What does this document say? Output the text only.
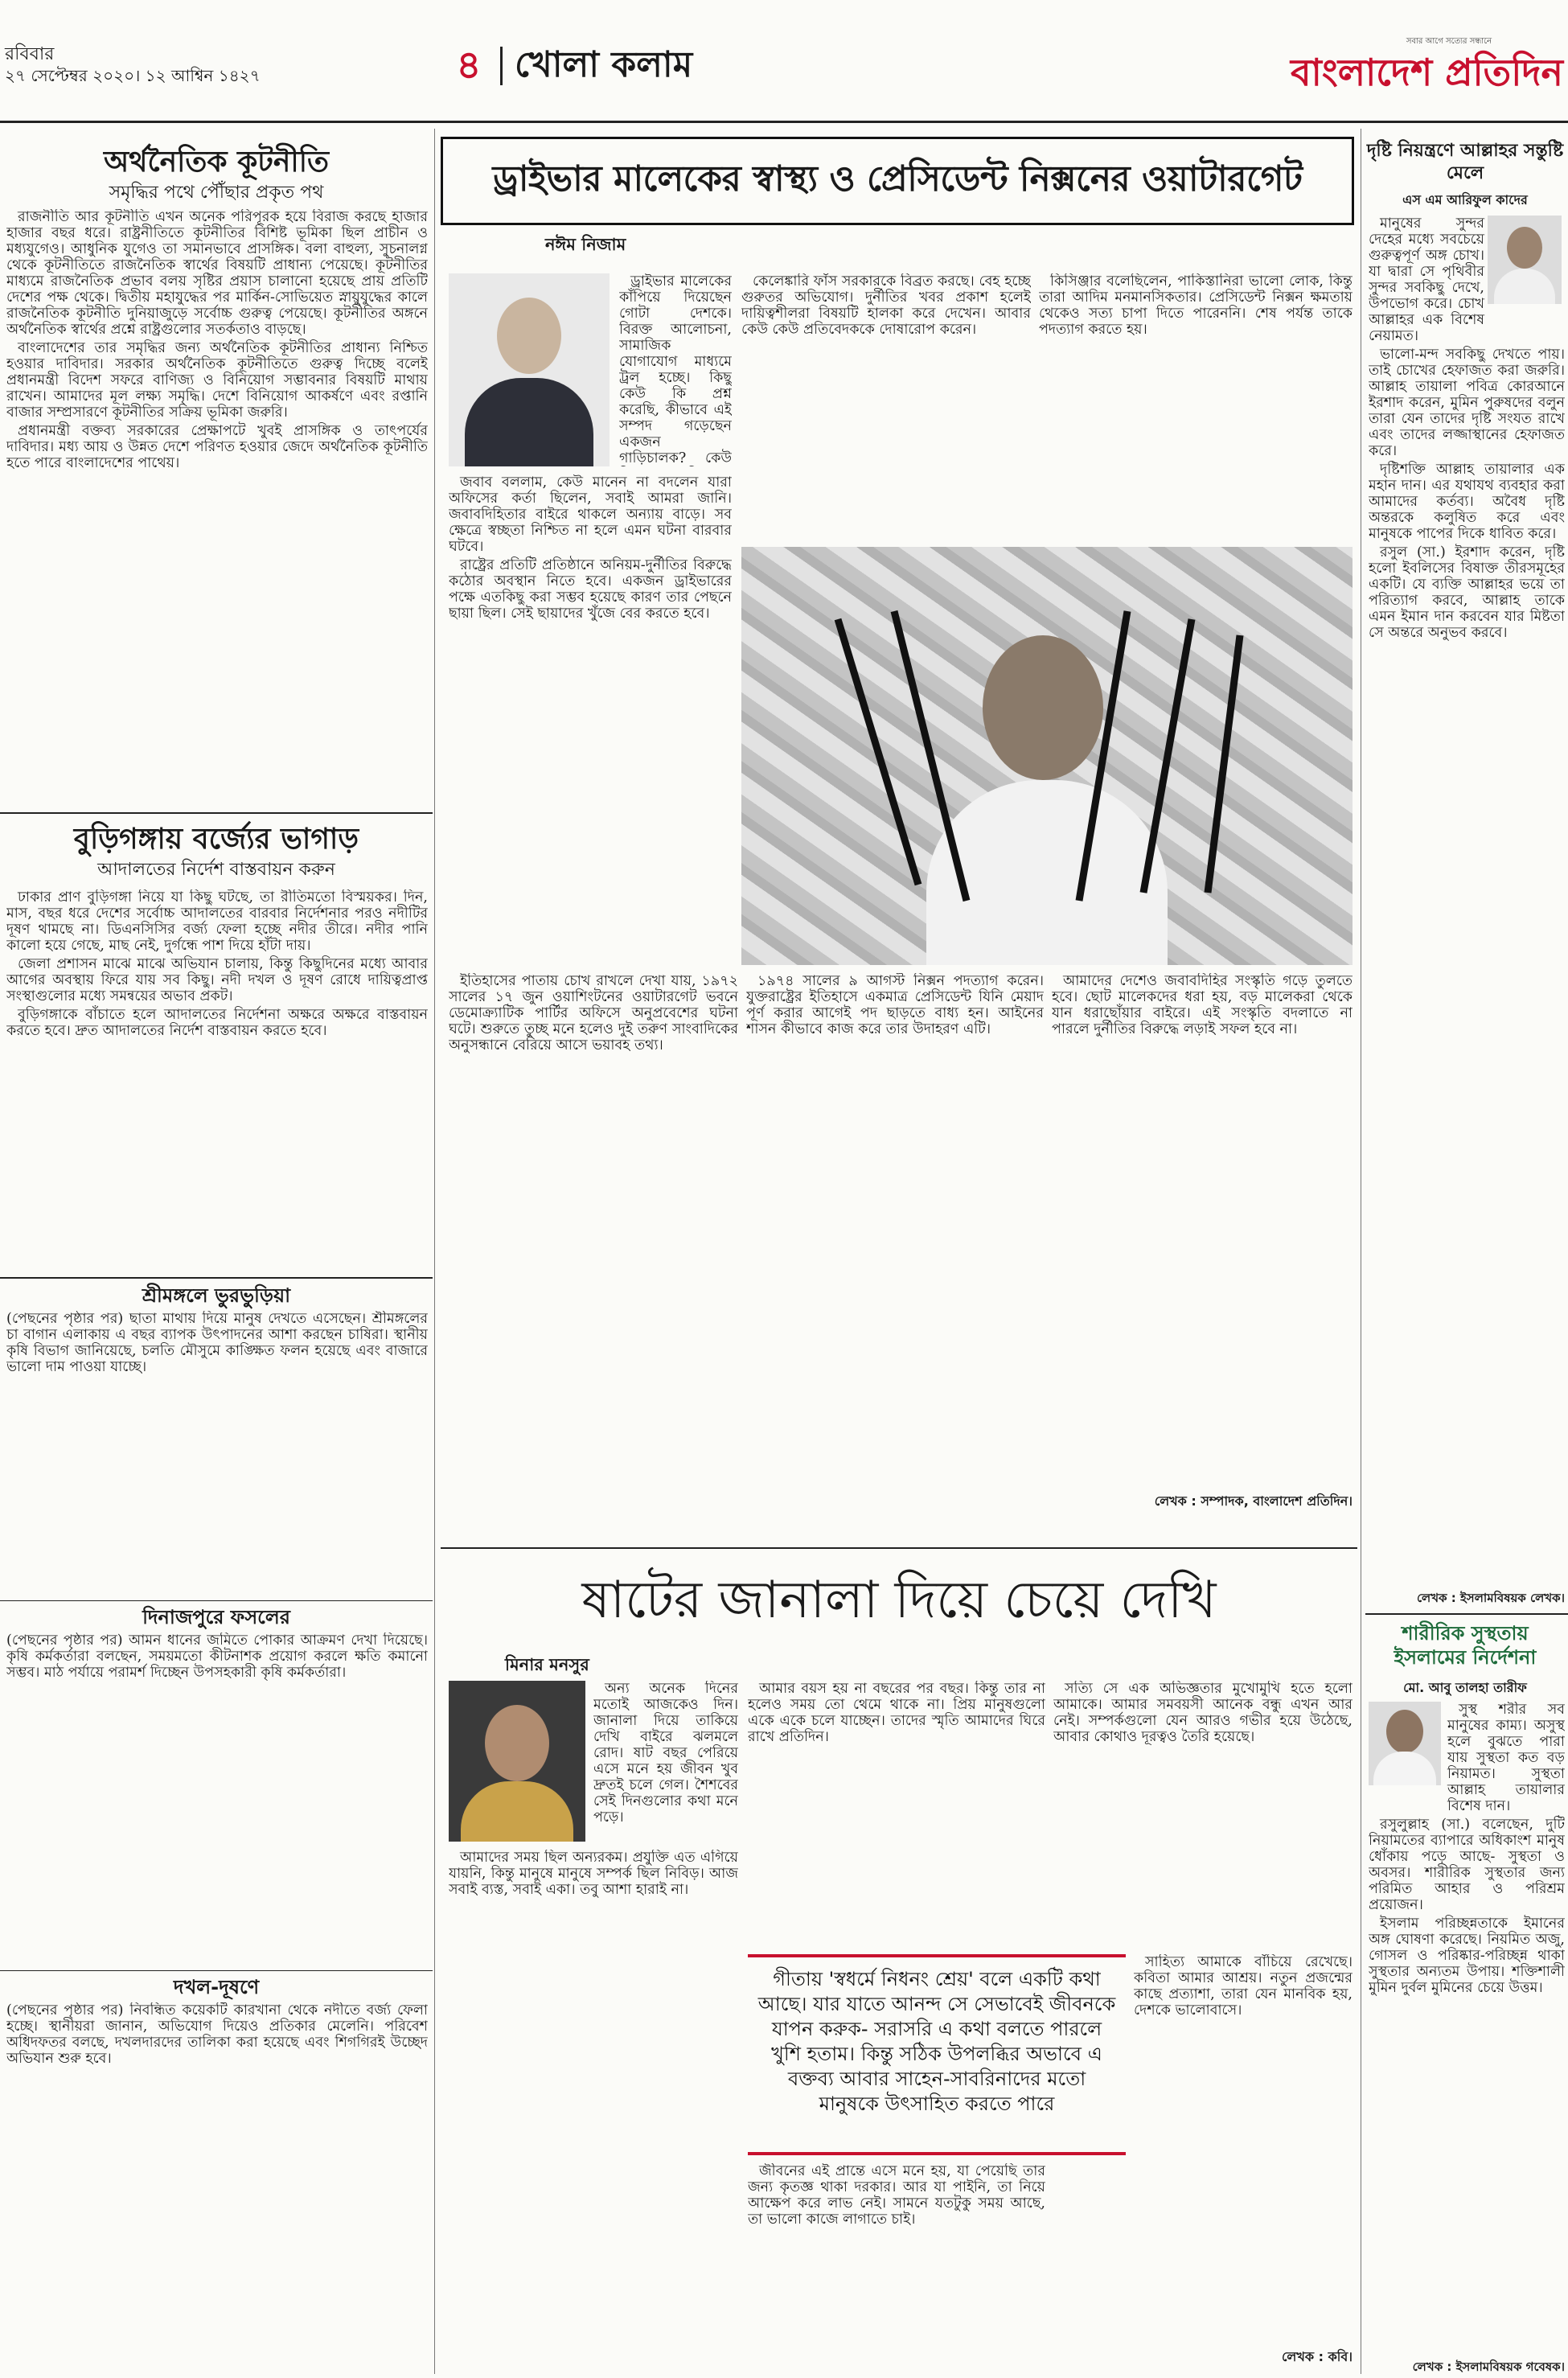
রবিবার
২৭ সেপ্টেম্বর ২০২০। ১২ আশ্বিন ১৪২৭	৪ খোলা কলাম
সবার আগে সত্যের সন্ধানে
বাংলাদেশ প্রতিদিন
অর্থনৈতিক কূটনীতি
সমৃদ্ধির পথে পৌঁছার প্রকৃত পথ

রাজনীতি আর কূটনীতি এখন অনেক পরিপূরক হয়ে বিরাজ করছে হাজার হাজার বছর ধরে। রাষ্ট্রনীতিতে কূটনীতির বিশিষ্ট ভূমিকা ছিল প্রাচীন ও মধ্যযুগেও। আধুনিক যুগেও তা সমানভাবে প্রাসঙ্গিক। বলা বাহুল্য, সুচনালগ্ন থেকে কূটনীতিতে রাজনৈতিক স্বার্থের বিষয়টি প্রাধান্য পেয়েছে। কূটনীতির মাধ্যমে রাজনৈতিক প্রভাব বলয় সৃষ্টির প্রয়াস চালানো হয়েছে প্রায় প্রতিটি দেশের পক্ষ থেকে। দ্বিতীয় মহাযুদ্ধের পর মার্কিন-সোভিয়েত স্নায়ুযুদ্ধের কালে রাজনৈতিক কূটনীতি দুনিয়াজুড়ে সর্বোচ্চ গুরুত্ব পেয়েছে। কূটনীতির অঙ্গনে অর্থনৈতিক স্বার্থের প্রশ্নে রাষ্ট্রগুলোর সতর্কতাও বাড়ছে।

বাংলাদেশের তার সমৃদ্ধির জন্য অর্থনৈতিক কূটনীতির প্রাধান্য নিশ্চিত হওয়ার দাবিদার। সরকার অর্থনৈতিক কূটনীতিতে গুরুত্ব দিচ্ছে বলেই প্রধানমন্ত্রী বিদেশ সফরে বাণিজ্য ও বিনিয়োগ সম্ভাবনার বিষয়টি মাথায় রাখেন। আমাদের মূল লক্ষ্য সমৃদ্ধি। দেশে বিনিয়োগ আকর্ষণে এবং রপ্তানি বাজার সম্প্রসারণে কূটনীতির সক্রিয় ভূমিকা জরুরি।

প্রধানমন্ত্রী বক্তব্য সরকারের প্রেক্ষাপটে খুবই প্রাসঙ্গিক ও তাৎপর্যের দাবিদার। মধ্য আয় ও উন্নত দেশে পরিণত হওয়ার জেদে অর্থনৈতিক কূটনীতি হতে পারে বাংলাদেশের পাথেয়।

বুড়িগঙ্গায় বর্জ্যের ভাগাড়
আদালতের নির্দেশ বাস্তবায়ন করুন

ঢাকার প্রাণ বুড়িগঙ্গা নিয়ে যা কিছু ঘটছে, তা রীতিমতো বিস্ময়কর। দিন, মাস, বছর ধরে দেশের সর্বোচ্চ আদালতের বারবার নির্দেশনার পরও নদীটির দূষণ থামছে না। ডিএনসিসির বর্জ্য ফেলা হচ্ছে নদীর তীরে। নদীর পানি কালো হয়ে গেছে, মাছ নেই, দুর্গন্ধে পাশ দিয়ে হাঁটা দায়।

জেলা প্রশাসন মাঝে মাঝে অভিযান চালায়, কিন্তু কিছুদিনের মধ্যে আবার আগের অবস্থায় ফিরে যায় সব কিছু। নদী দখল ও দূষণ রোধে দায়িত্বপ্রাপ্ত সংস্থাগুলোর মধ্যে সমন্বয়ের অভাব প্রকট।

বুড়িগঙ্গাকে বাঁচাতে হলে আদালতের নির্দেশনা অক্ষরে অক্ষরে বাস্তবায়ন করতে হবে। দ্রুত আদালতের নির্দেশ বাস্তবায়ন করতে হবে।

শ্রীমঙ্গলে ভুরভুড়িয়া
(পেছনের পৃষ্ঠার পর) ছাতা মাথায় দিয়ে মানুষ দেখতে এসেছেন। শ্রীমঙ্গলের চা বাগান এলাকায় এ বছর ব্যাপক উৎপাদনের আশা করছেন চাষিরা। স্থানীয় কৃষি বিভাগ জানিয়েছে, চলতি মৌসুমে কাঙ্ক্ষিত ফলন হয়েছে এবং বাজারে ভালো দাম পাওয়া যাচ্ছে।
দিনাজপুরে ফসলের
(পেছনের পৃষ্ঠার পর) আমন ধানের জমিতে পোকার আক্রমণ দেখা দিয়েছে। কৃষি কর্মকর্তারা বলছেন, সময়মতো কীটনাশক প্রয়োগ করলে ক্ষতি কমানো সম্ভব। মাঠ পর্যায়ে পরামর্শ দিচ্ছেন উপসহকারী কৃষি কর্মকর্তারা।
দখল-দূষণে
(পেছনের পৃষ্ঠার পর) নিবন্ধিত কয়েকটি কারখানা থেকে নদীতে বর্জ্য ফেলা হচ্ছে। স্থানীয়রা জানান, অভিযোগ দিয়েও প্রতিকার মেলেনি। পরিবেশ অধিদফতর বলছে, দখলদারদের তালিকা করা হয়েছে এবং শিগগিরই উচ্ছেদ অভিযান শুরু হবে।
ড্রাইভার মালেকের স্বাস্থ্য ও প্রেসিডেন্ট নিক্সনের ওয়াটারগেট
নঈম নিজাম

ড্রাইভার মালেকের কাঁপিয়ে দিয়েছেন গোটা দেশকে। বিরক্ত আলোচনা, সামাজিক যোগাযোগ মাধ্যমে ট্রল হচ্ছে। কিছু কেউ কি প্রশ্ন করেছি, কীভাবে এই সম্পদ গড়েছেন একজন গাড়িচালক? কেউ

জবাব বললাম, কেউ মানেন না বদলেন যারা অফিসের কর্তা ছিলেন, সবাই আমরা জানি। জবাবদিহিতার বাইরে থাকলে অন্যায় বাড়ে। সব ক্ষেত্রে স্বচ্ছতা নিশ্চিত না হলে এমন ঘটনা বারবার ঘটবে।

রাষ্ট্রের প্রতিটি প্রতিষ্ঠানে অনিয়ম-দুর্নীতির বিরুদ্ধে কঠোর অবস্থান নিতে হবে। একজন ড্রাইভারের পক্ষে এতকিছু করা সম্ভব হয়েছে কারণ তার পেছনে ছায়া ছিল। সেই ছায়াদের খুঁজে বের করতে হবে।

কেলেঙ্কারি ফাঁস সরকারকে বিব্রত করছে। বেহ হচ্ছে গুরুতর অভিযোগ। দুর্নীতির খবর প্রকাশ হলেই দায়িত্বশীলরা বিষয়টি হালকা করে দেখেন। আবার কেউ কেউ প্রতিবেদককে দোষারোপ করেন।

কিসিঞ্জার বলেছিলেন, পাকিস্তানিরা ভালো লোক, কিন্তু তারা আদিম মনমানসিকতার। প্রেসিডেন্ট নিক্সন ক্ষমতায় থেকেও সত্য চাপা দিতে পারেননি। শেষ পর্যন্ত তাকে পদত্যাগ করতে হয়।

ইতিহাসের পাতায় চোখ রাখলে দেখা যায়, ১৯৭২ সালের ১৭ জুন ওয়াশিংটনের ওয়াটারগেট ভবনে ডেমোক্র্যাটিক পার্টির অফিসে অনুপ্রবেশের ঘটনা ঘটে। শুরুতে তুচ্ছ মনে হলেও দুই তরুণ সাংবাদিকের অনুসন্ধানে বেরিয়ে আসে ভয়াবহ তথ্য।

১৯৭৪ সালের ৯ আগস্ট নিক্সন পদত্যাগ করেন। যুক্তরাষ্ট্রের ইতিহাসে একমাত্র প্রেসিডেন্ট যিনি মেয়াদ পূর্ণ করার আগেই পদ ছাড়তে বাধ্য হন। আইনের শাসন কীভাবে কাজ করে তার উদাহরণ এটি।

আমাদের দেশেও জবাবদিহির সংস্কৃতি গড়ে তুলতে হবে। ছোট মালেকদের ধরা হয়, বড় মালেকরা থেকে যান ধরাছোঁয়ার বাইরে। এই সংস্কৃতি বদলাতে না পারলে দুর্নীতির বিরুদ্ধে লড়াই সফল হবে না।

লেখক : সম্পাদক, বাংলাদেশ প্রতিদিন।
ষাটের জানালা দিয়ে চেয়ে দেখি
মিনার মনসুর

অন্য অনেক দিনের মতোই আজকেও দিন। জানালা দিয়ে তাকিয়ে দেখি বাইরে ঝলমলে রোদ। ষাট বছর পেরিয়ে এসে মনে হয় জীবন খুব দ্রুতই চলে গেল। শৈশবের সেই দিনগুলোর কথা মনে পড়ে।

আমাদের সময় ছিল অন্যরকম। প্রযুক্তি এত এগিয়ে যায়নি, কিন্তু মানুষে মানুষে সম্পর্ক ছিল নিবিড়। আজ সবাই ব্যস্ত, সবাই একা। তবু আশা হারাই না।

আমার বয়স হয় না বছরের পর বছর। কিন্তু তার না হলেও সময় তো থেমে থাকে না। প্রিয় মানুষগুলো একে একে চলে যাচ্ছেন। তাদের স্মৃতি আমাদের ঘিরে রাখে প্রতিদিন।

সত্যি সে এক অভিজ্ঞতার মুখোমুখি হতে হলো আমাকে। আমার সমবয়সী আনেক বন্ধু এখন আর নেই। সম্পর্কগুলো যেন আরও গভীর হয়ে উঠেছে, আবার কোথাও দূরত্বও তৈরি হয়েছে।

গীতায় 'স্বধর্মে নিধনং শ্রেয়' বলে একটি কথা আছে। যার যাতে আনন্দ সে সেভাবেই জীবনকে যাপন করুক- সরাসরি এ কথা বলতে পারলে খুশি হতাম। কিন্তু সঠিক উপলব্ধির অভাবে এ বক্তব্য আবার সাহেন-সাবরিনাদের মতো মানুষকে উৎসাহিত করতে পারে

জীবনের এই প্রান্তে এসে মনে হয়, যা পেয়েছি তার জন্য কৃতজ্ঞ থাকা দরকার। আর যা পাইনি, তা নিয়ে আক্ষেপ করে লাভ নেই। সামনে যতটুকু সময় আছে, তা ভালো কাজে লাগাতে চাই।

সাহিত্য আমাকে বাঁচিয়ে রেখেছে। কবিতা আমার আশ্রয়। নতুন প্রজন্মের কাছে প্রত্যাশা, তারা যেন মানবিক হয়, দেশকে ভালোবাসে।

লেখক : কবি।
দৃষ্টি নিয়ন্ত্রণে আল্লাহর সন্তুষ্টি মেলে
এস এম আরিফুল কাদের

মানুষের সুন্দর দেহের মধ্যে সবচেয়ে গুরুত্বপূর্ণ অঙ্গ চোখ। যা দ্বারা সে পৃথিবীর সুন্দর সবকিছু দেখে, উপভোগ করে। চোখ আল্লাহর এক বিশেষ নেয়ামত।

ভালো-মন্দ সবকিছু দেখতে পায়। তাই চোখের হেফাজত করা জরুরি। আল্লাহ তায়ালা পবিত্র কোরআনে ইরশাদ করেন, মুমিন পুরুষদের বলুন তারা যেন তাদের দৃষ্টি সংযত রাখে এবং তাদের লজ্জাস্থানের হেফাজত করে।

দৃষ্টিশক্তি আল্লাহ তায়ালার এক মহান দান। এর যথাযথ ব্যবহার করা আমাদের কর্তব্য। অবৈধ দৃষ্টি অন্তরকে কলুষিত করে এবং মানুষকে পাপের দিকে ধাবিত করে।

রসুল (সা.) ইরশাদ করেন, দৃষ্টি হলো ইবলিসের বিষাক্ত তীরসমূহের একটি। যে ব্যক্তি আল্লাহর ভয়ে তা পরিত্যাগ করবে, আল্লাহ তাকে এমন ইমান দান করবেন যার মিষ্টতা সে অন্তরে অনুভব করবে।

লেখক : ইসলামবিষয়ক লেখক।
শারীরিক সুস্থতায় ইসলামের নির্দেশনা
মো. আবু তালহা তারীফ

সুস্থ শরীর সব মানুষের কাম্য। অসুস্থ হলে বুঝতে পারা যায় সুস্থতা কত বড় নিয়ামত। সুস্থতা আল্লাহ তায়ালার বিশেষ দান।

রসুলুল্লাহ (সা.) বলেছেন, দুটি নিয়ামতের ব্যাপারে অধিকাংশ মানুষ ধোঁকায় পড়ে আছে- সুস্থতা ও অবসর। শারীরিক সুস্থতার জন্য পরিমিত আহার ও পরিশ্রম প্রয়োজন।

ইসলাম পরিচ্ছন্নতাকে ইমানের অঙ্গ ঘোষণা করেছে। নিয়মিত অজু, গোসল ও পরিষ্কার-পরিচ্ছন্ন থাকা সুস্থতার অন্যতম উপায়। শক্তিশালী মুমিন দুর্বল মুমিনের চেয়ে উত্তম।

লেখক : ইসলামবিষয়ক গবেষক।
